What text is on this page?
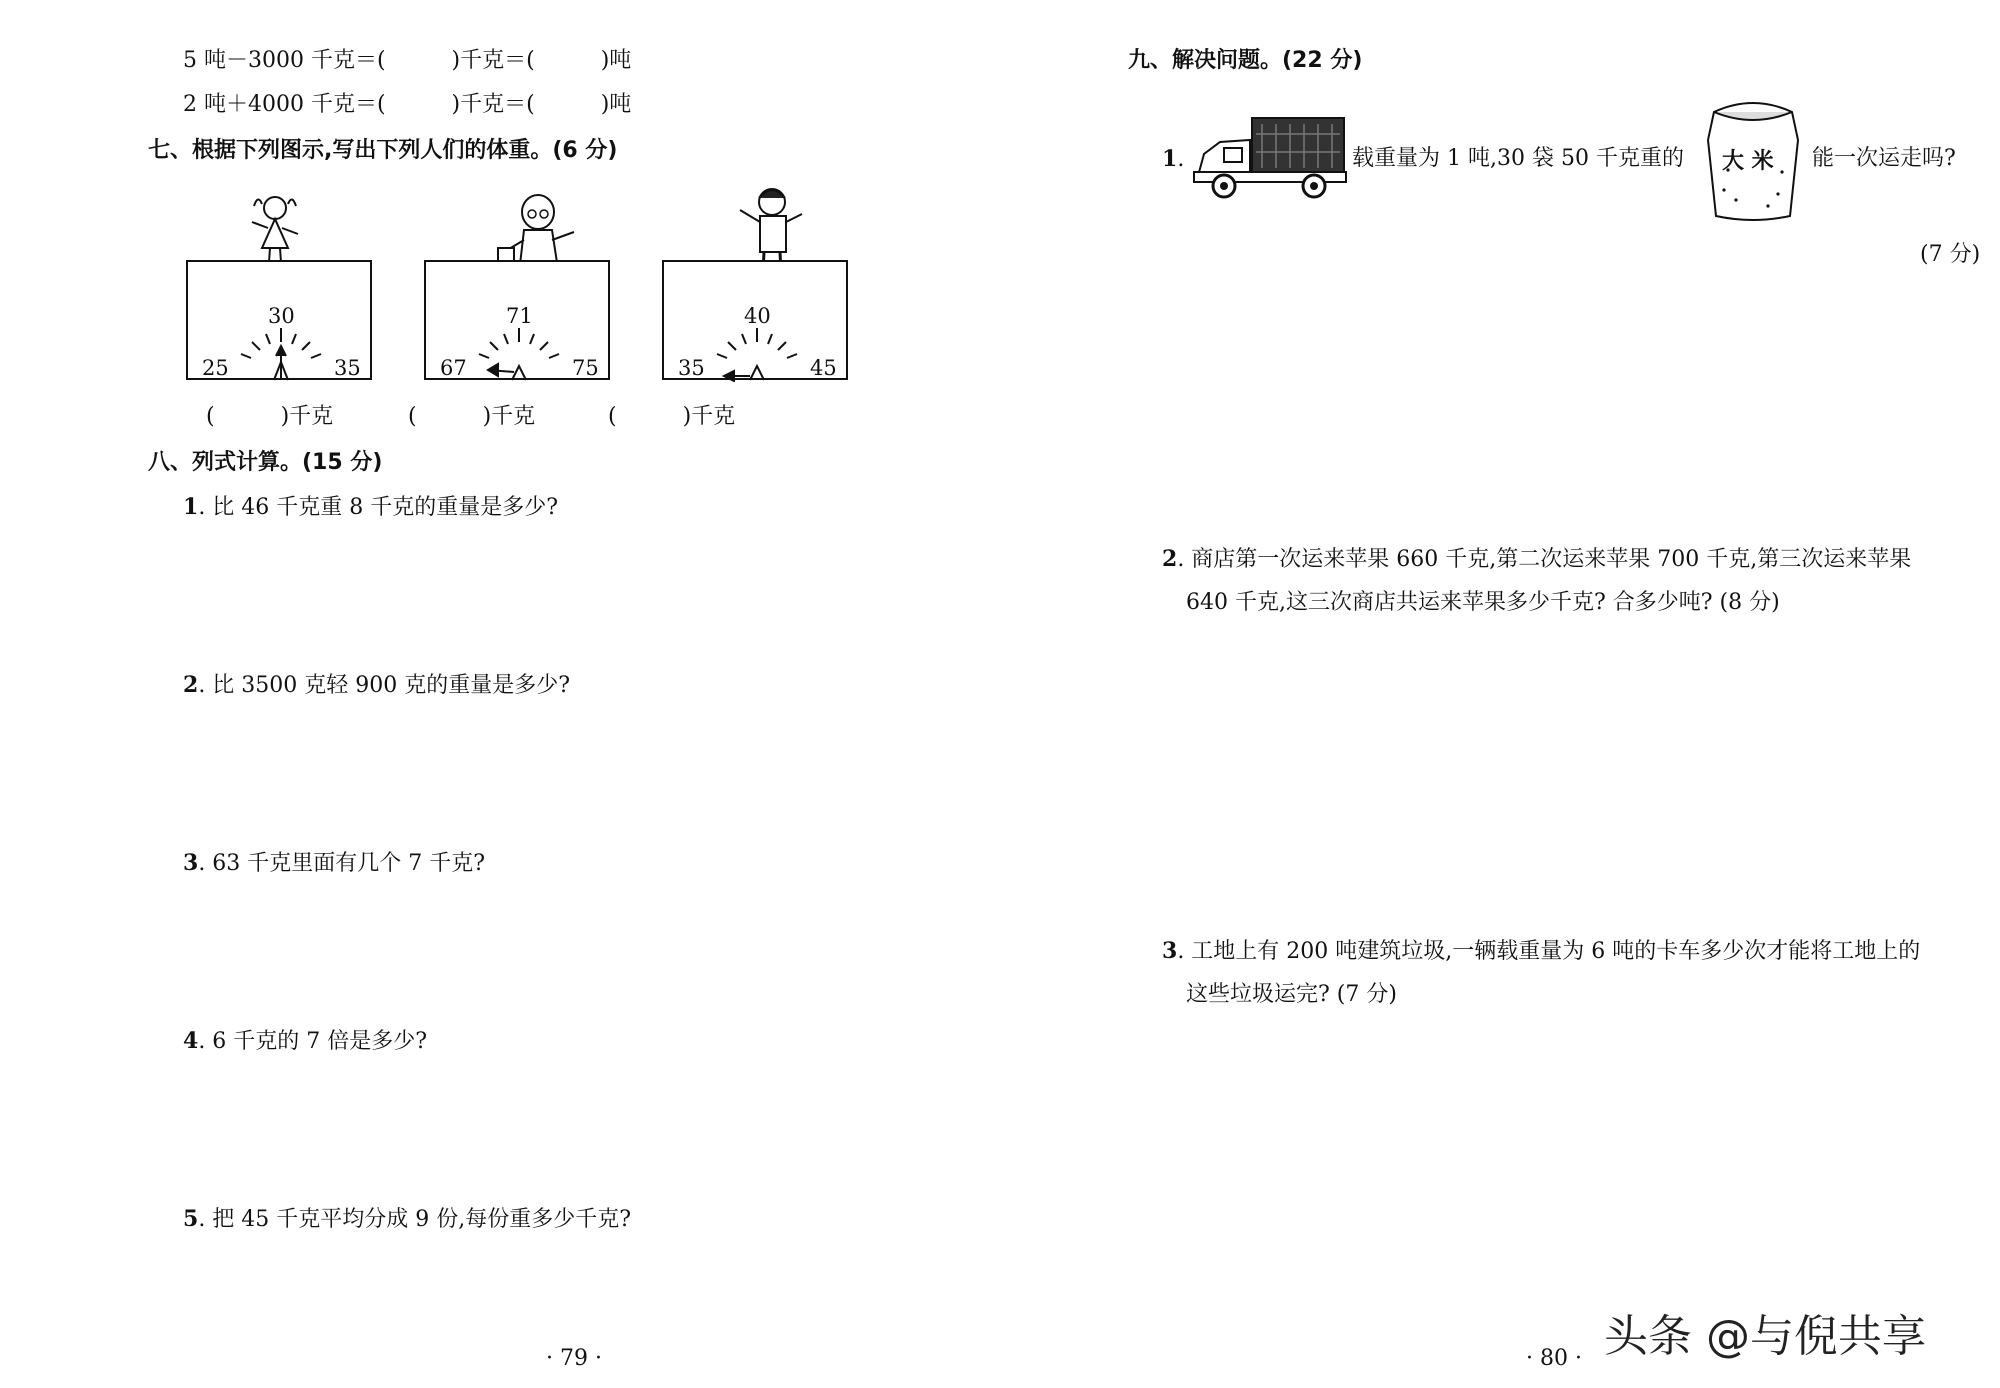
5 吨－3000 千克＝(　　　)千克＝(　　　)吨
2 吨＋4000 千克＝(　　　)千克＝(　　　)吨
七、根据下列图示,写出下列人们的体重。(6 分)
30
25	35
71
67	75
40
35	45
(　　　)千克	(　　　)千克	(　　　)千克
八、列式计算。(15 分)
1. 比 46 千克重 8 千克的重量是多少?
2. 比 3500 克轻 900 克的重量是多少?
3. 63 千克里面有几个 7 千克?
4. 6 千克的 7 倍是多少?
5. 把 45 千克平均分成 9 份,每份重多少千克?
· 79 ·
九、解决问题。(22 分)
1.	载重量为 1 吨,30 袋 50 千克重的 大 米 能一次运走吗?
(7 分)
2. 商店第一次运来苹果 660 千克,第二次运来苹果 700 千克,第三次运来苹果
640 千克,这三次商店共运来苹果多少千克? 合多少吨? (8 分)
3. 工地上有 200 吨建筑垃圾,一辆载重量为 6 吨的卡车多少次才能将工地上的
这些垃圾运完? (7 分)
· 80 · 头条 @与倪共享
